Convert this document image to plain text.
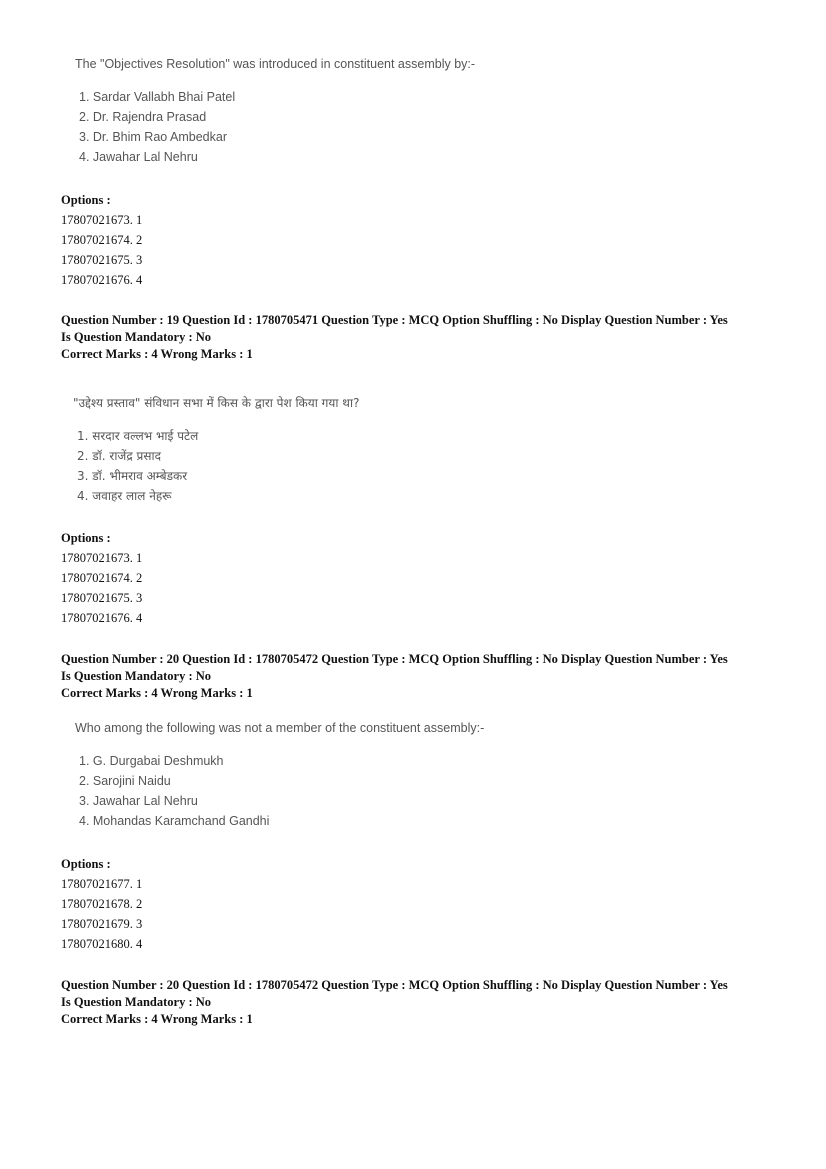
The "Objectives Resolution" was introduced in constituent assembly by:-
1. Sardar Vallabh Bhai Patel
2. Dr. Rajendra Prasad
3. Dr. Bhim Rao Ambedkar
4. Jawahar Lal Nehru
Options :
17807021673. 1
17807021674. 2
17807021675. 3
17807021676. 4
Question Number : 19 Question Id : 1780705471 Question Type : MCQ Option Shuffling : No Display Question Number : Yes
Is Question Mandatory : No
Correct Marks : 4 Wrong Marks : 1
"उद्देश्य प्रस्ताव" संविधान सभा में किस के द्वारा पेश किया गया था?
1. सरदार वल्लभ भाई पटेल
2. डॉ. राजेंद्र प्रसाद
3. डॉ. भीमराव अम्बेडकर
4. जवाहर लाल नेहरू
Options :
17807021673. 1
17807021674. 2
17807021675. 3
17807021676. 4
Question Number : 20 Question Id : 1780705472 Question Type : MCQ Option Shuffling : No Display Question Number : Yes
Is Question Mandatory : No
Correct Marks : 4 Wrong Marks : 1
Who among the following was not a member of the constituent assembly:-
1. G. Durgabai Deshmukh
2. Sarojini Naidu
3. Jawahar Lal Nehru
4. Mohandas Karamchand Gandhi
Options :
17807021677. 1
17807021678. 2
17807021679. 3
17807021680. 4
Question Number : 20 Question Id : 1780705472 Question Type : MCQ Option Shuffling : No Display Question Number : Yes
Is Question Mandatory : No
Correct Marks : 4 Wrong Marks : 1
